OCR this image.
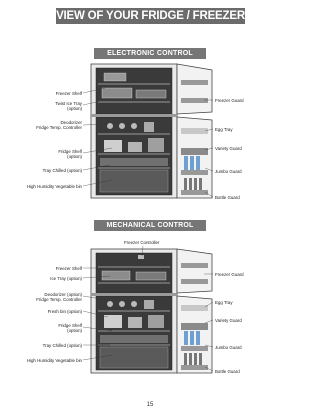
VIEW OF YOUR FRIDGE / FREEZER
ELECTRONIC CONTROL
Freezer Shelf
Twist Ice Tray
(option)
Deodorizer
Fridge Temp. Controller
Fridge Shelf
(option)
Tray Chilled (option)
High Humidity Vegetable bin
Freezer Guard
Egg Tray
Variety Guard
Jumbo Guard
Bottle Guard
MECHANICAL CONTROL
Freezer Controller
Freezer Shelf
Ice Tray (option)
Deodorizer (option)
Fridge Temp. Controller
Fresh bin (option)
Fridge Shelf
(option)
Tray Chilled (option)
High Humidity Vegetable bin
Freezer Guard
Egg Tray
Variety Guard
Jumbo Guard
Bottle Guard
15
